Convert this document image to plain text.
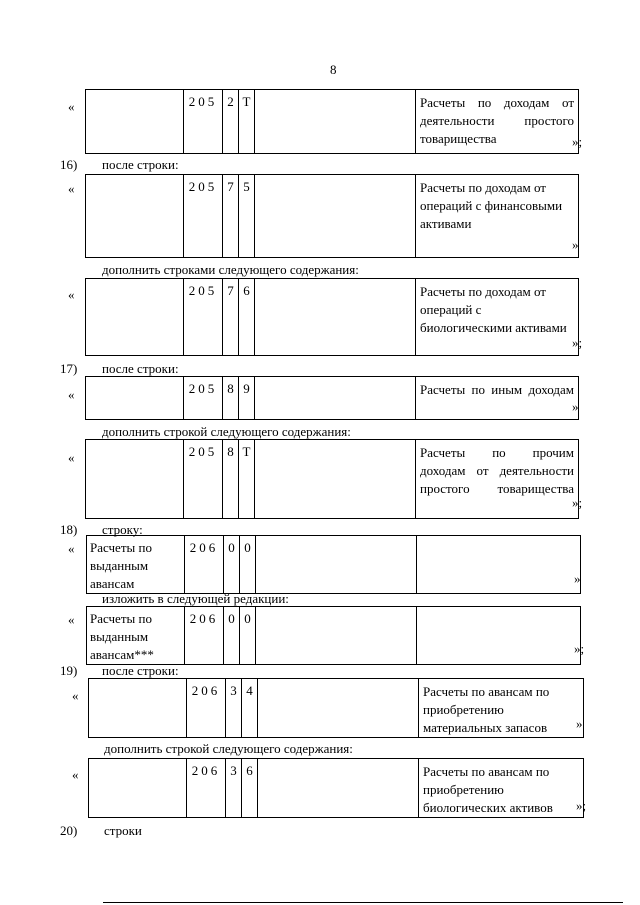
8
«
		205	2	Т		Расчеты по доходам от деятельности простого товарищества	»;
16) после строки:
«
		205	7	5		Расчеты по доходам от операций с финансовыми активами
»
дополнить строками следующего содержания:
«
		205	7	6		Расчеты по доходам от операций с биологическими активами
»;
17) после строки:
«
		205	8	9		Расчеты по иным доходам
»
дополнить строкой следующего содержания:
«
		205	8	Т		Расчеты по прочим доходам от деятельности простого товарищества
»;
18) строку:
« Расчеты по выданным авансам	206	0	0		
»
изложить в следующей редакции:
« Расчеты по выданным авансам***	206	0	0		
»;
19) после строки:
«
		206	3	4		Расчеты по авансам по приобретению материальных запасов »
дополнить строкой следующего содержания:
«
		206	3	6		Расчеты по авансам по приобретению биологических активов »;
20) строки
